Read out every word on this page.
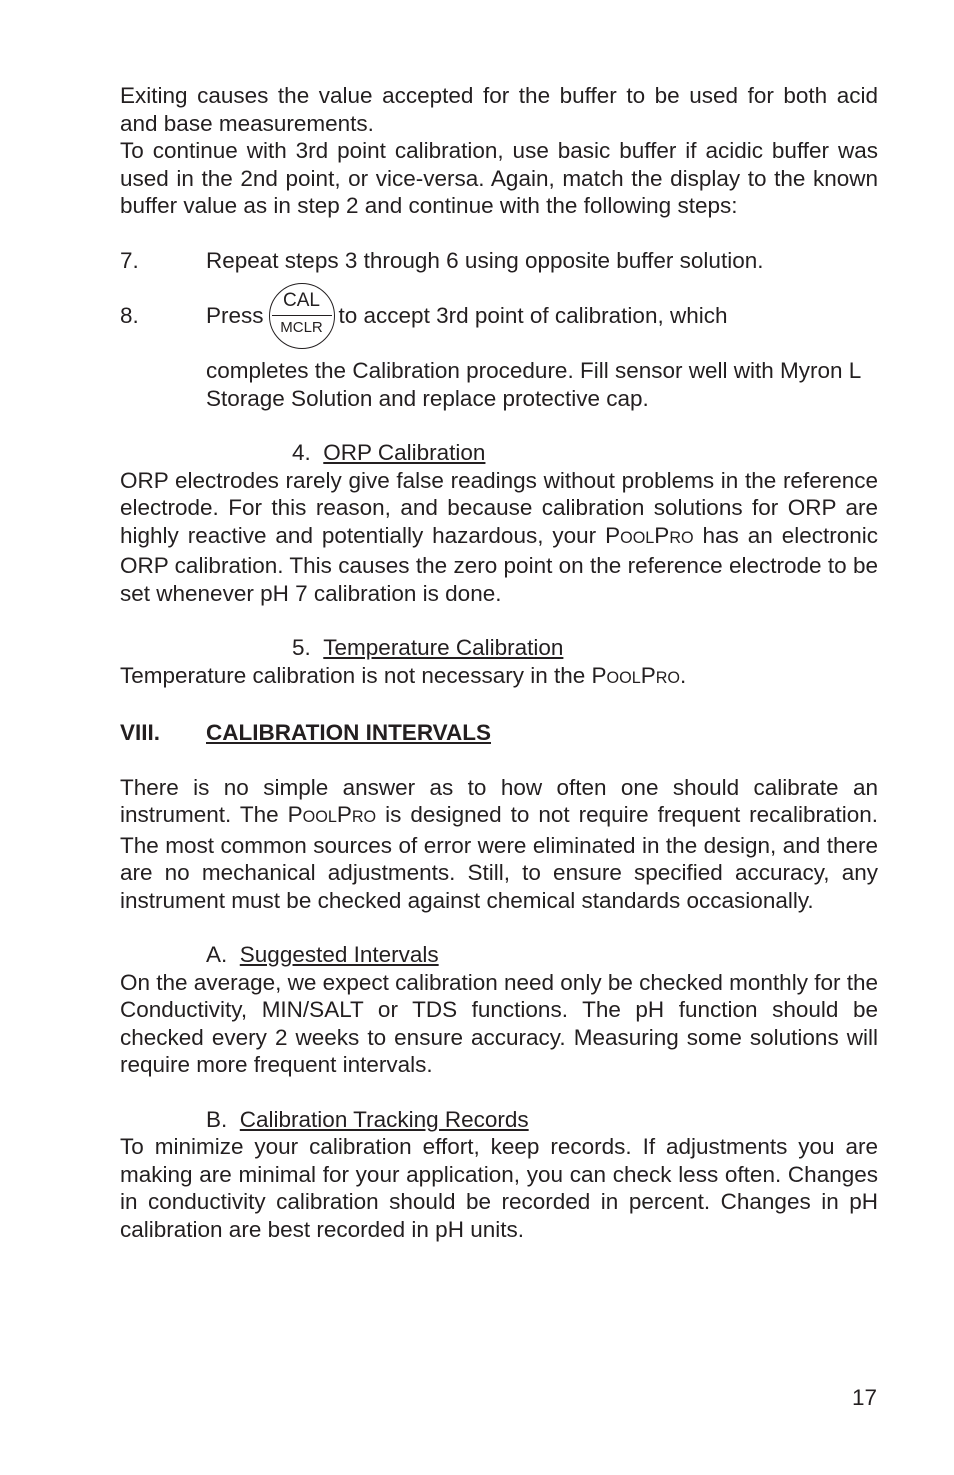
Exiting causes the value accepted for the buffer to be used for both acid and base measurements.

To continue with 3rd point calibration, use basic buffer if acidic buffer was used in the 2nd point, or vice-versa. Again, match the display to the known buffer value as in step 2 and continue with the following steps:

7.	Repeat steps 3 through 6 using opposite buffer solution.
8.	Press
CAL
MCLR to accept 3rd point of calibration, which

completes the Calibration procedure. Fill sensor well with Myron L Storage Solution and replace protective cap.

4. ORP Calibration

ORP electrodes rarely give false readings without problems in the reference electrode. For this reason, and because calibration solutions for ORP are highly reactive and potentially hazardous, your POOLPRO has an electronic ORP calibration. This causes the zero point on the reference electrode to be set whenever pH 7 calibration is done.

5. Temperature Calibration

Temperature calibration is not necessary in the POOLPRO.

VIII. CALIBRATION INTERVALS

There is no simple answer as to how often one should calibrate an instrument. The POOLPRO is designed to not require frequent recalibration. The most common sources of error were eliminated in the design, and there are no mechanical adjustments. Still, to ensure specified accuracy, any instrument must be checked against chemical standards occasionally.

A. Suggested Intervals

On the average, we expect calibration need only be checked monthly for the Conductivity, MIN/SALT or TDS functions. The pH function should be checked every 2 weeks to ensure accuracy. Measuring some solutions will require more frequent intervals.

B. Calibration Tracking Records

To minimize your calibration effort, keep records. If adjustments you are making are minimal for your application, you can check less often. Changes in conductivity calibration should be recorded in percent. Changes in pH calibration are best recorded in pH units.

17
